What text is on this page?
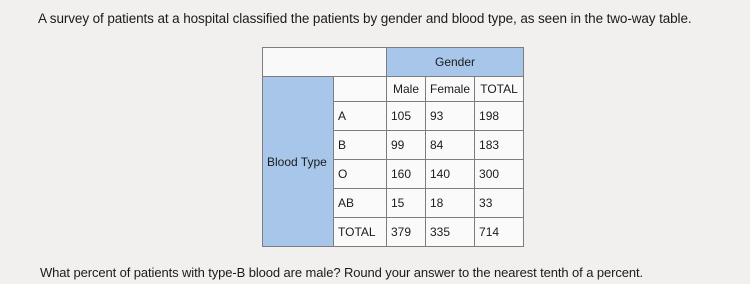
A survey of patients at a hospital classified the patients by gender and blood type, as seen in the two-way table.
		Gender		
Blood Type		Male	Female	TOTAL
	A	105	93	198
	B	99	84	183
	O	160	140	300
	AB	15	18	33
	TOTAL	379	335	714
What percent of patients with type-B blood are male? Round your answer to the nearest tenth of a percent.
